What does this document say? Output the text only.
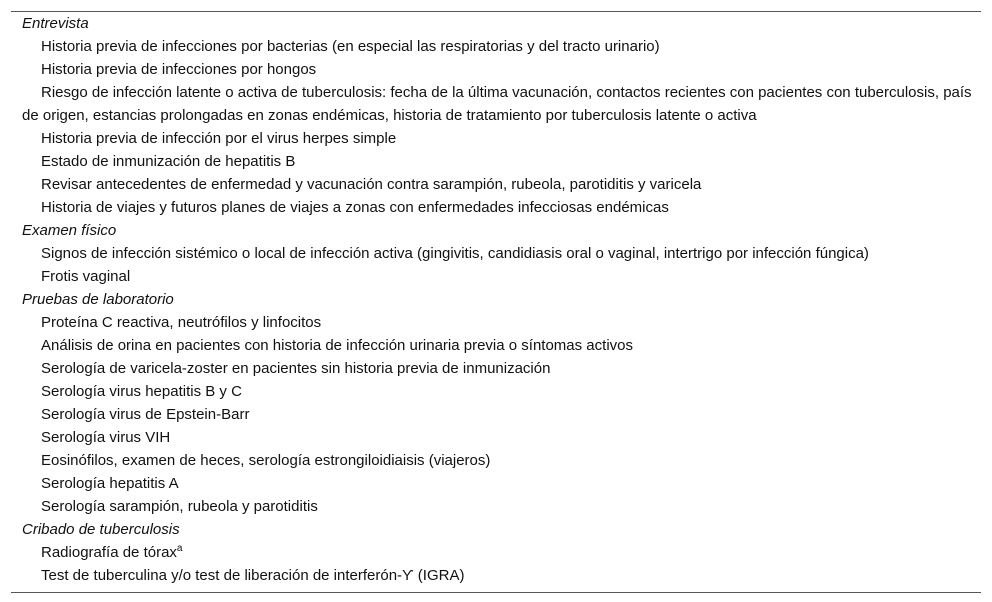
Entrevista
Historia previa de infecciones por bacterias (en especial las respiratorias y del tracto urinario)
Historia previa de infecciones por hongos
Riesgo de infección latente o activa de tuberculosis: fecha de la última vacunación, contactos recientes con pacientes con tuberculosis, país de origen, estancias prolongadas en zonas endémicas, historia de tratamiento por tuberculosis latente o activa
Historia previa de infección por el virus herpes simple
Estado de inmunización de hepatitis B
Revisar antecedentes de enfermedad y vacunación contra sarampión, rubeola, parotiditis y varicela
Historia de viajes y futuros planes de viajes a zonas con enfermedades infecciosas endémicas
Examen físico
Signos de infección sistémico o local de infección activa (gingivitis, candidiasis oral o vaginal, intertrigo por infección fúngica)
Frotis vaginal
Pruebas de laboratorio
Proteína C reactiva, neutrófilos y linfocitos
Análisis de orina en pacientes con historia de infección urinaria previa o síntomas activos
Serología de varicela-zoster en pacientes sin historia previa de inmunización
Serología virus hepatitis B y C
Serología virus de Epstein-Barr
Serología virus VIH
Eosinófilos, examen de heces, serología estrongiloidiaisis (viajeros)
Serología hepatitis A
Serología sarampión, rubeola y parotiditis
Cribado de tuberculosis
Radiografía de tórax$^a$
Test de tuberculina y/o test de liberación de interferón-ϒ (IGRA)
